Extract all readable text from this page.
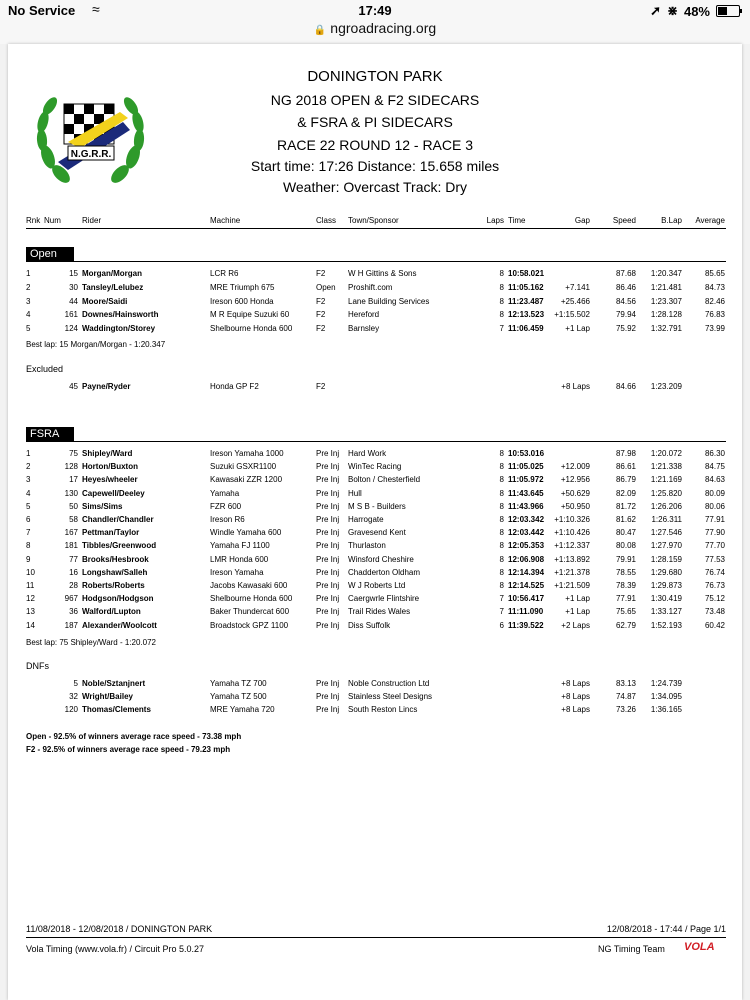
No Service ≈	17:49	➚ ⋇ 48%
🔒 ngroadracing.org
N.G.R.R.
DONINGTON PARK
NG 2018 OPEN & F2 SIDECARS
& FSRA & PI SIDECARS
RACE 22 ROUND 12 - RACE 3
Start time: 17:26 Distance: 15.658 miles
Weather: Overcast Track: Dry
Rnk Num	Rider	Machine	Class	Town/Sponsor	Laps Time	Gap	Speed	B.Lap	Average
Open
1	15 Morgan/Morgan	LCR R6	F2	W H Gittins & Sons	8 10:58.021	87.68	1:20.347	85.65
2	30 Tansley/Lelubez	MRE Triumph 675	Open	Proshift.com	8 11:05.162	+7.141	86.46	1:21.481	84.73
3	44 Moore/Saidi	Ireson 600 Honda	F2	Lane Building Services	8 11:23.487	+25.466	84.56	1:23.307	82.46
4	161 Downes/Hainsworth	M R Equipe Suzuki 60	F2	Hereford	8 12:13.523	+1:15.502	79.94	1:28.128	76.83
5	124 Waddington/Storey	Shelbourne Honda 600	F2	Barnsley	7 11:06.459	+1 Lap	75.92	1:32.791	73.99
Best lap: 15 Morgan/Morgan - 1:20.347
Excluded
45 Payne/Ryder	Honda GP F2	F2	+8 Laps	84.66	1:23.209
FSRA
1	75 Shipley/Ward	Ireson Yamaha 1000	Pre Inj	Hard Work	8 10:53.016	87.98	1:20.072	86.30
2	128 Horton/Buxton	Suzuki GSXR1100	Pre Inj	WinTec Racing	8 11:05.025	+12.009	86.61	1:21.338	84.75
3	17 Heyes/wheeler	Kawasaki ZZR 1200	Pre Inj	Bolton / Chesterfield	8 11:05.972	+12.956	86.79	1:21.169	84.63
4	130 Capewell/Deeley	Yamaha	Pre Inj	Hull	8 11:43.645	+50.629	82.09	1:25.820	80.09
5	50 Sims/Sims	FZR 600	Pre Inj	M S B - Builders	8 11:43.966	+50.950	81.72	1:26.206	80.06
6	58 Chandler/Chandler	Ireson R6	Pre Inj	Harrogate	8 12:03.342	+1:10.326	81.62	1:26.311	77.91
7	167 Pettman/Taylor	Windle Yamaha 600	Pre Inj	Gravesend Kent	8 12:03.442	+1:10.426	80.47	1:27.546	77.90
8	181 Tibbles/Greenwood	Yamaha FJ 1100	Pre Inj	Thurlaston	8 12:05.353	+1:12.337	80.08	1:27.970	77.70
9	77 Brooks/Hesbrook	LMR Honda 600	Pre Inj	Winsford Cheshire	8 12:06.908	+1:13.892	79.91	1:28.159	77.53
10	16 Longshaw/Salleh	Ireson Yamaha	Pre Inj	Chadderton Oldham	8 12:14.394	+1:21.378	78.55	1:29.680	76.74
11	28 Roberts/Roberts	Jacobs Kawasaki 600	Pre Inj	W J Roberts Ltd	8 12:14.525	+1:21.509	78.39	1:29.873	76.73
12	967 Hodgson/Hodgson	Shelbourne Honda 600	Pre Inj	Caergwrle Flintshire	7 10:56.417	+1 Lap	77.91	1:30.419	75.12
13	36 Walford/Lupton	Baker Thundercat 600	Pre Inj	Trail Rides Wales	7 11:11.090	+1 Lap	75.65	1:33.127	73.48
14	187 Alexander/Woolcott	Broadstock GPZ 1100	Pre Inj	Diss Suffolk	6 11:39.522	+2 Laps	62.79	1:52.193	60.42
Best lap: 75 Shipley/Ward - 1:20.072
DNFs
5 Noble/Sztanjnert	Yamaha TZ 700	Pre Inj	Noble Construction Ltd	+8 Laps	83.13	1:24.739
32 Wright/Bailey	Yamaha TZ 500	Pre Inj	Stainless Steel Designs	+8 Laps	74.87	1:34.095
120 Thomas/Clements	MRE Yamaha 720	Pre Inj	South Reston Lincs	+8 Laps	73.26	1:36.165
Open - 92.5% of winners average race speed - 73.38 mph
F2 - 92.5% of winners average race speed - 79.23 mph
11/08/2018 - 12/08/2018 / DONINGTON PARK	12/08/2018 - 17:44 / Page 1/1
Vola Timing (www.vola.fr) / Circuit Pro 5.0.27	NG Timing Team VOLA
